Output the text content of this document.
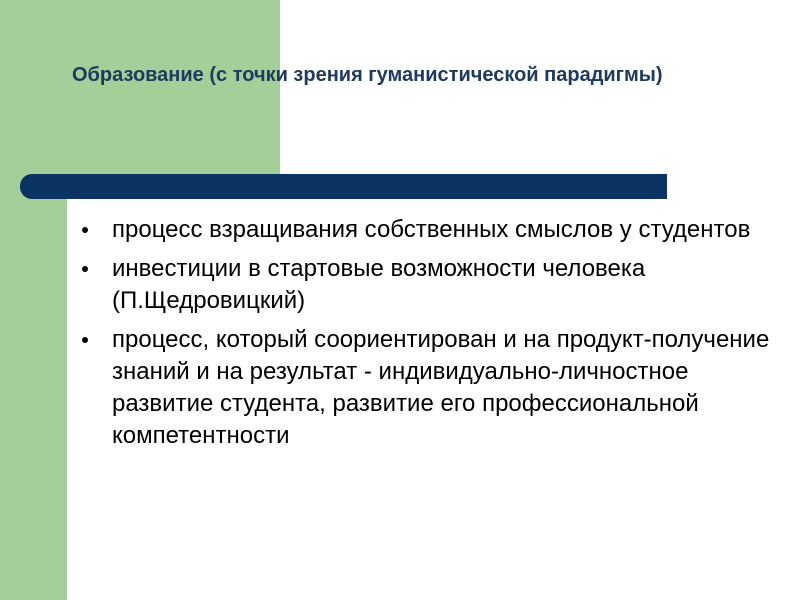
Образование (с точки зрения гуманистической парадигмы)
процесс взращивания собственных смыслов у студентов
инвестиции в стартовые возможности человека (П.Щедровицкий)
процесс, который соориентирован и на продукт-получение знаний и на результат - индивидуально-личностное развитие студента, развитие его профессиональной компетентности
